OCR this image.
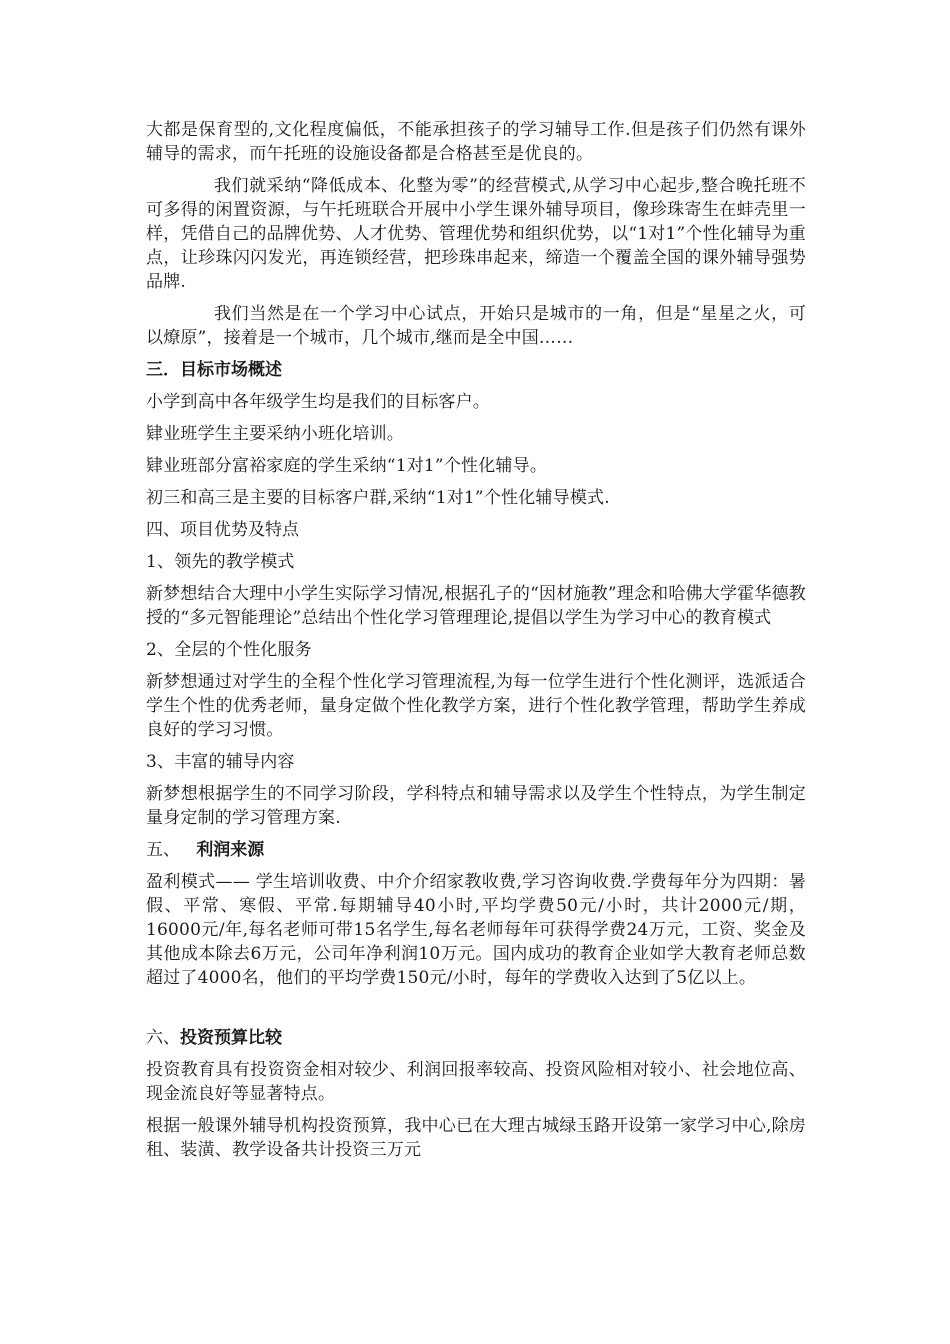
大都是保育型的,文化程度偏低，不能承担孩子的学习辅导工作.但是孩子们仍然有课外辅导的需求，而午托班的设施设备都是合格甚至是优良的。

我们就采纳“降低成本、化整为零”的经营模式,从学习中心起步,整合晚托班不可多得的闲置资源，与午托班联合开展中小学生课外辅导项目，像珍珠寄生在蚌壳里一样，凭借自己的品牌优势、人才优势、管理优势和组织优势，以“1对1”个性化辅导为重点，让珍珠闪闪发光，再连锁经营，把珍珠串起来，缔造一个覆盖全国的课外辅导强势品牌.

我们当然是在一个学习中心试点，开始只是城市的一角，但是“星星之火，可以燎原”，接着是一个城市，几个城市,继而是全中国……

三．目标市场概述

小学到高中各年级学生均是我们的目标客户。

肄业班学生主要采纳小班化培训。

肄业班部分富裕家庭的学生采纳“1对1”个性化辅导。

初三和高三是主要的目标客户群,采纳“1对1”个性化辅导模式.

四、项目优势及特点

1、领先的教学模式

新梦想结合大理中小学生实际学习情况,根据孔子的“因材施教”理念和哈佛大学霍华德教授的“多元智能理论”总结出个性化学习管理理论,提倡以学生为学习中心的教育模式

2、全层的个性化服务

新梦想通过对学生的全程个性化学习管理流程,为每一位学生进行个性化测评，选派适合学生个性的优秀老师，量身定做个性化教学方案，进行个性化教学管理，帮助学生养成良好的学习习惯。

3、丰富的辅导内容

新梦想根据学生的不同学习阶段，学科特点和辅导需求以及学生个性特点，为学生制定量身定制的学习管理方案.

五、 利润来源

盈利模式—— 学生培训收费、中介介绍家教收费,学习咨询收费.学费每年分为四期：暑假、平常、寒假、平常.每期辅导40小时,平均学费50元/小时，共计2000元/期，16000元/年,每名老师可带15名学生,每名老师每年可获得学费24万元，工资、奖金及其他成本除去6万元，公司年净利润10万元。国内成功的教育企业如学大教育老师总数超过了4000名，他们的平均学费150元/小时，每年的学费收入达到了5亿以上。

六、投资预算比较

投资教育具有投资资金相对较少、利润回报率较高、投资风险相对较小、社会地位高、现金流良好等显著特点。

根据一般课外辅导机构投资预算，我中心已在大理古城绿玉路开设第一家学习中心,除房租、装潢、教学设备共计投资三万元
